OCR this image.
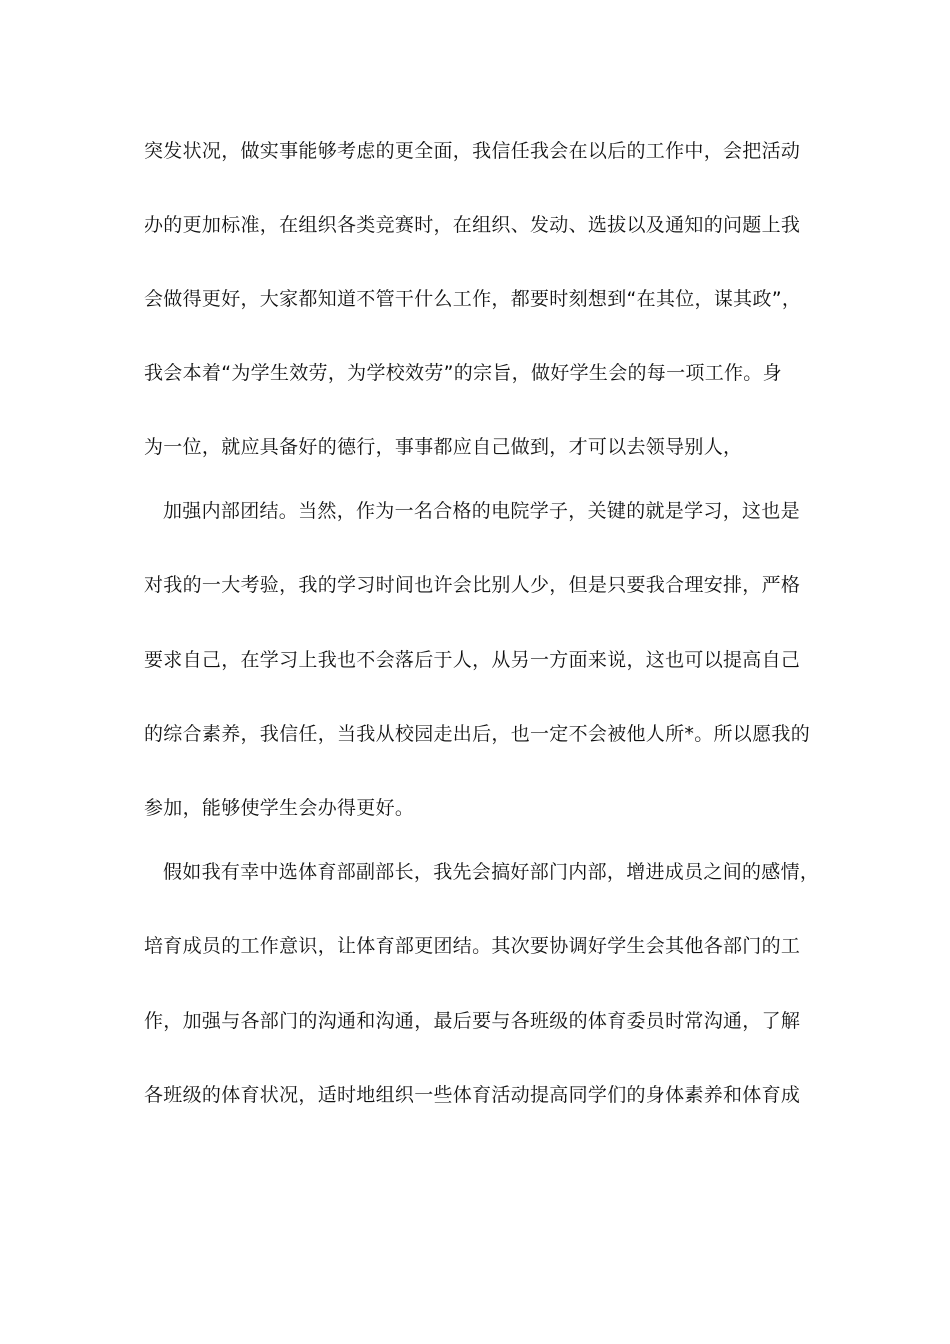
突发状况，做实事能够考虑的更全面，我信任我会在以后的工作中，会把活动
办的更加标准，在组织各类竞赛时，在组织、发动、选拔以及通知的问题上我
会做得更好，大家都知道不管干什么工作，都要时刻想到“在其位，谋其政”，
我会本着“为学生效劳，为学校效劳”的宗旨，做好学生会的每一项工作。身
为一位，就应具备好的德行，事事都应自己做到，才可以去领导别人，
加强内部团结。当然，作为一名合格的电院学子，关键的就是学习，这也是
对我的一大考验，我的学习时间也许会比别人少，但是只要我合理安排，严格
要求自己，在学习上我也不会落后于人，从另一方面来说，这也可以提高自己
的综合素养，我信任，当我从校园走出后，也一定不会被他人所*。所以愿我的
参加，能够使学生会办得更好。
假如我有幸中选体育部副部长，我先会搞好部门内部，增进成员之间的感情，
培育成员的工作意识，让体育部更团结。其次要协调好学生会其他各部门的工
作，加强与各部门的沟通和沟通，最后要与各班级的体育委员时常沟通，了解
各班级的体育状况，适时地组织一些体育活动提高同学们的身体素养和体育成
